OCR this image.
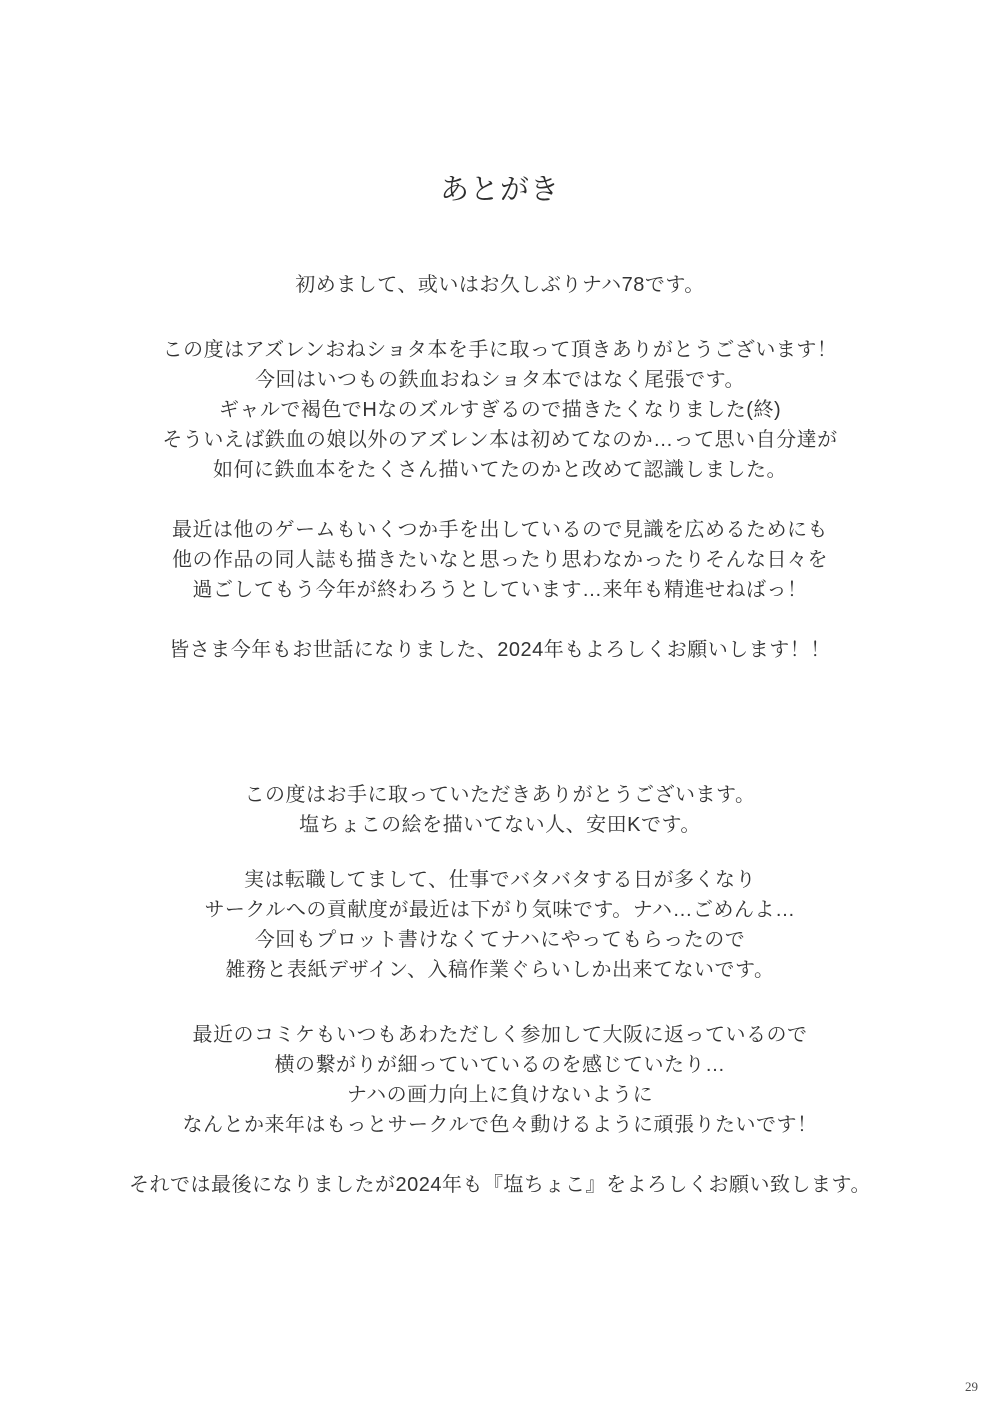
あとがき
初めまして、或いはお久しぶりナハ78です。
この度はアズレンおねショタ本を手に取って頂きありがとうございます！
今回はいつもの鉄血おねショタ本ではなく尾張です。
ギャルで褐色でHなのズルすぎるので描きたくなりました(終)
そういえば鉄血の娘以外のアズレン本は初めてなのか…って思い自分達が
如何に鉄血本をたくさん描いてたのかと改めて認識しました。
最近は他のゲームもいくつか手を出しているので見識を広めるためにも
他の作品の同人誌も描きたいなと思ったり思わなかったりそんな日々を
過ごしてもう今年が終わろうとしています…来年も精進せねばっ！
皆さま今年もお世話になりました、2024年もよろしくお願いします！！
この度はお手に取っていただきありがとうございます。
塩ちょこの絵を描いてない人、安田Kです。
実は転職してまして、仕事でバタバタする日が多くなり
サークルへの貢献度が最近は下がり気味です。ナハ…ごめんよ…
今回もプロット書けなくてナハにやってもらったので
雑務と表紙デザイン、入稿作業ぐらいしか出来てないです。
最近のコミケもいつもあわただしく参加して大阪に返っているので
横の繋がりが細っていているのを感じていたり…
ナハの画力向上に負けないように
なんとか来年はもっとサークルで色々動けるように頑張りたいです！
それでは最後になりましたが2024年も『塩ちょこ』をよろしくお願い致します。
29
